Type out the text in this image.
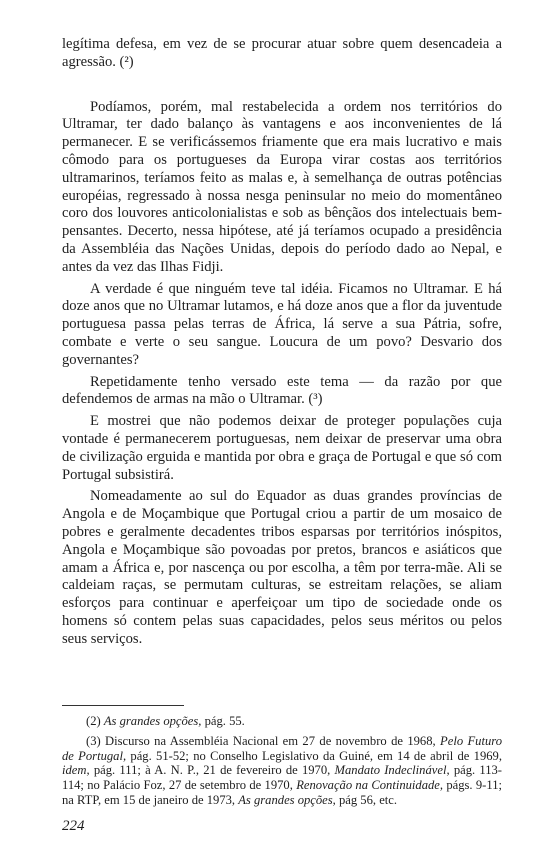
legítima defesa, em vez de se procurar atuar sobre quem desencadeia a agressão. (²)

Podíamos, porém, mal restabelecida a ordem nos territórios do Ultramar, ter dado balanço às vantagens e aos inconvenientes de lá permanecer. E se verificássemos friamente que era mais lucrativo e mais cômodo para os portugueses da Europa virar costas aos territórios ultramarinos, teríamos feito as malas e, à semelhança de outras potências européias, regressado à nossa nesga peninsular no meio do momentâneo coro dos louvores anticolonialistas e sob as bênçãos dos intelectuais bem-pensantes. Decerto, nessa hipótese, até já teríamos ocupado a presidência da Assembléia das Nações Unidas, depois do período dado ao Nepal, e antes da vez das Ilhas Fidji.

A verdade é que ninguém teve tal idéia. Ficamos no Ultramar. E há doze anos que no Ultramar lutamos, e há doze anos que a flor da juventude portuguesa passa pelas terras de África, lá serve a sua Pátria, sofre, combate e verte o seu sangue. Loucura de um povo? Desvario dos governantes?

Repetidamente tenho versado este tema — da razão por que defendemos de armas na mão o Ultramar. (³)

E mostrei que não podemos deixar de proteger populações cuja vontade é permanecerem portuguesas, nem deixar de preservar uma obra de civilização erguida e mantida por obra e graça de Portugal e que só com Portugal subsistirá.

Nomeadamente ao sul do Equador as duas grandes províncias de Angola e de Moçambique que Portugal criou a partir de um mosaico de pobres e geralmente decadentes tribos esparsas por territórios inóspitos, Angola e Moçambique são povoadas por pretos, brancos e asiáticos que amam a África e, por nascença ou por escolha, a têm por terra-mãe. Ali se caldeiam raças, se permutam culturas, se estreitam relações, se aliam esforços para continuar e aperfeiçoar um tipo de sociedade onde os homens só contem pelas suas capacidades, pelos seus méritos ou pelos seus serviços.

(2) As grandes opções, pág. 55.

(3) Discurso na Assembléia Nacional em 27 de novembro de 1968, Pelo Futuro de Portugal, pág. 51-52; no Conselho Legislativo da Guiné, em 14 de abril de 1969, idem, pág. 111; à A. N. P., 21 de fevereiro de 1970, Mandato Indeclinável, pág. 113-114; no Palácio Foz, 27 de setembro de 1970, Renovação na Continuidade, págs. 9-11; na RTP, em 15 de janeiro de 1973, As grandes opções, pág 56, etc.

224
